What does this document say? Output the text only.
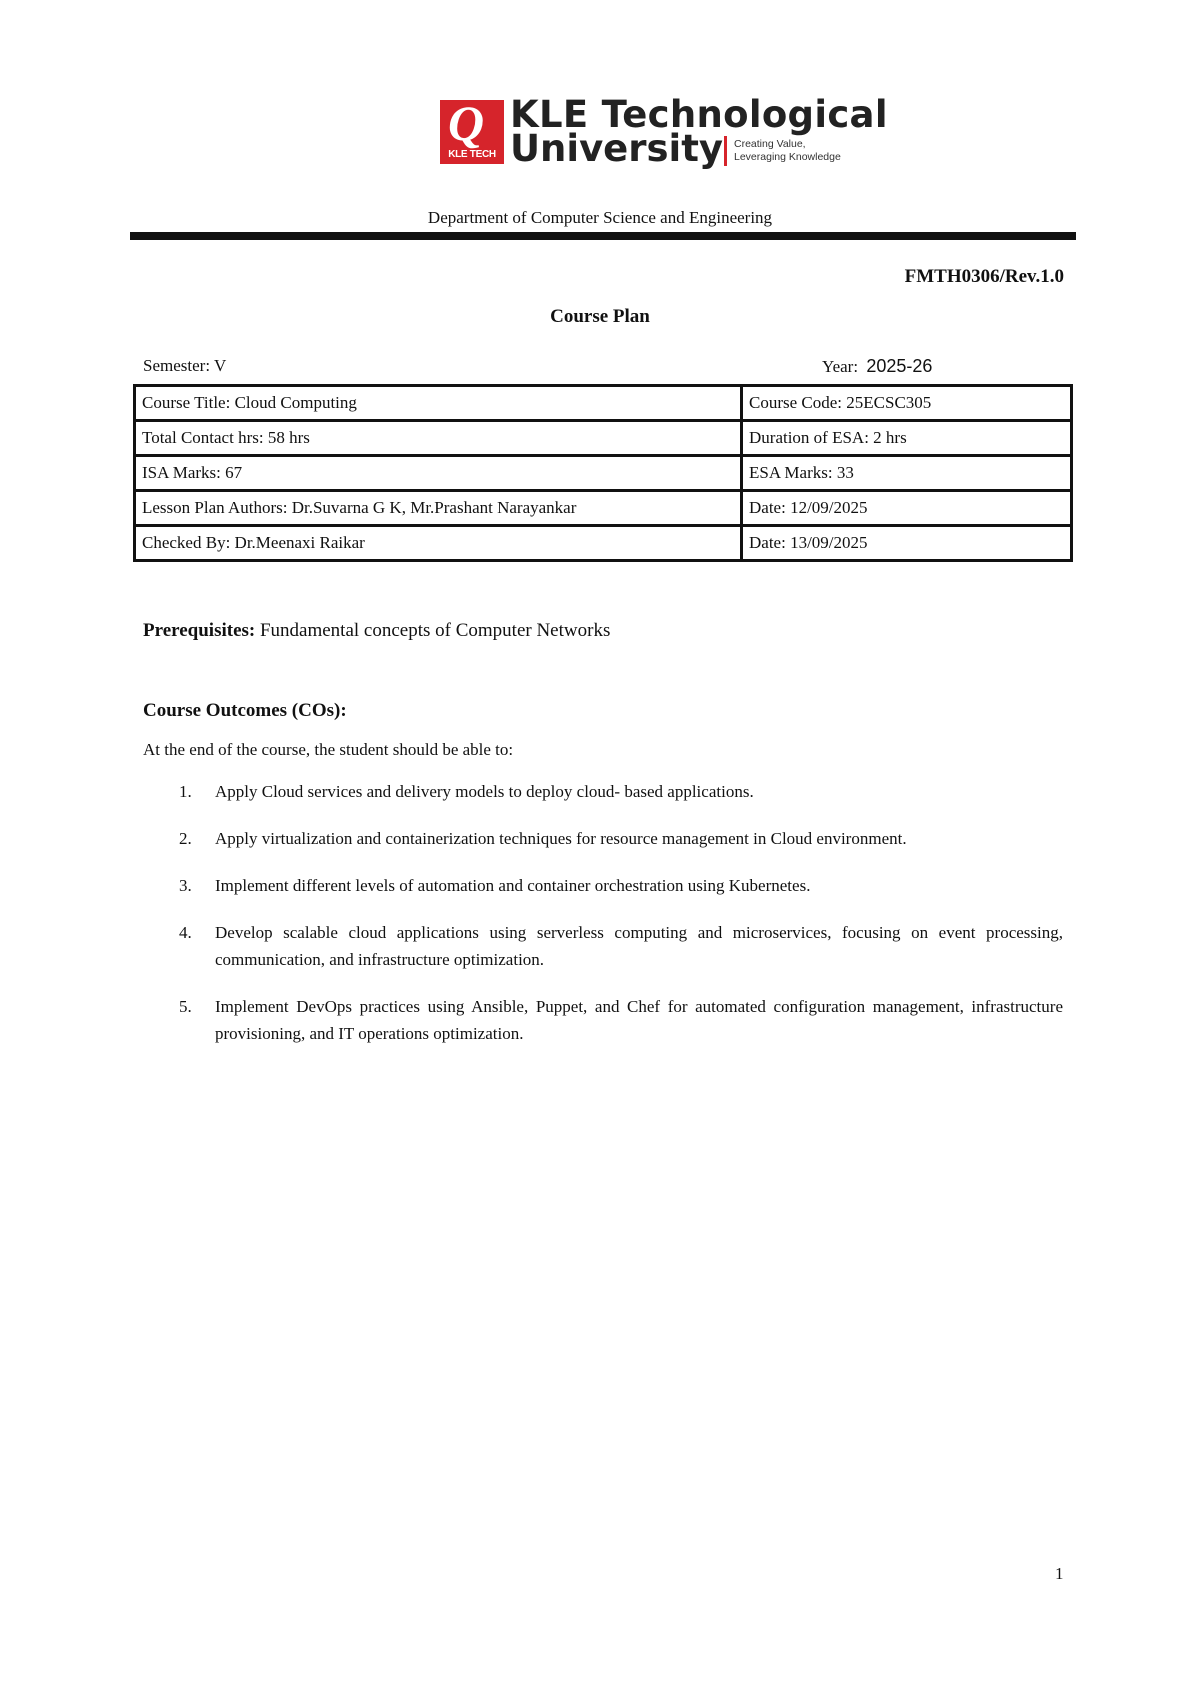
Q
KLE TECH
KLE Technological
University Creating Value,
Leveraging Knowledge
Department of Computer Science and Engineering
FMTH0306/Rev.1.0
Course Plan
Semester: V	Year: 2025-26
Course Title: Cloud Computing	Course Code: 25ECSC305
Total Contact hrs: 58 hrs	Duration of ESA: 2 hrs
ISA Marks: 67	ESA Marks: 33
Lesson Plan Authors: Dr.Suvarna G K, Mr.Prashant Narayankar	Date: 12/09/2025
Checked By: Dr.Meenaxi Raikar	Date: 13/09/2025
Prerequisites: Fundamental concepts of Computer Networks
Course Outcomes (COs):
At the end of the course, the student should be able to:
1. Apply Cloud services and delivery models to deploy cloud- based applications.
2. Apply virtualization and containerization techniques for resource management in Cloud environment.
3. Implement different levels of automation and container orchestration using Kubernetes.
4. Develop scalable cloud applications using serverless computing and microservices, focusing on event processing, communication, and infrastructure optimization.
5. Implement DevOps practices using Ansible, Puppet, and Chef for automated configuration management, infrastructure provisioning, and IT operations optimization.
1
